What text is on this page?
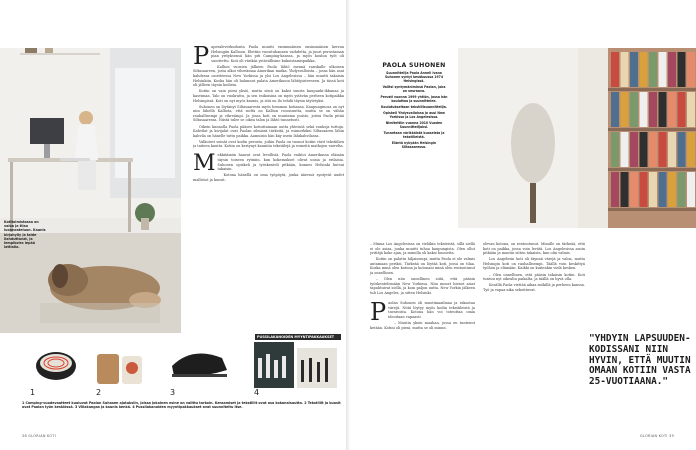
Kotitoimistossa on valoa ja tilaa luonnosteluun. Kaunis kirjahylly ja taide ilahduttavat, ja lempikoira lepää lattialla.
P aperaleverkudonta Paola muutti ensimmäisen ensimmäisen kerran Helsingiin Kallioon. Elettiin vuosituhannen vaihdetta, ja juuri perustaman pian yrityksensä hän piti Camping-kanssa, ja myös koulun työt oli suoritettu. Koti oli värikäs ystävällisine kukoistamispaikka.

Kallion vuosien jälkeen Paola lähtö mennä ranskalle ulkoisen Siltasaareen, josta alkoi vihreämaa Amerikan matka. Yhdysvalloista – jossa hän asui kahdessa osoitteessa New Yorkissa ja ylsi Los Angelesissa – hän muutti takaisin Helsinkiin. Koska hän oli halunnut palata Amerikassa lähtöpisteeseen. Ja tässä koti oli jälleen täysin kodista.

Kotiin on vain pieni yksiö, mutta siinä on kaksi suurta kaupunki-ikkunaa ja kasvimaa. Talo on vuokrattu, ja sen esikoisina on myös ystävän perheen kotipaikka Helsingissä. Koti on nyt myös kaunis, ja sitä on ilo tehdä täysin täytetyksi.

Suhonen on löytänyt Siltasaaresta myös hemmon kotiansa. Kaupunginosa on nyt niin lähellä Kalliota, että sieltä on Kallion rosoisuutta, mutta se on vähän rauhallisempi ja vihreämpi. Ja jossa koti on muutama puisto, joista Paola pitää Siltasaaressa. Niistä tulee se oikea talon ja lähtö tunnetusti.

Oikein kunnolla Paola pääsee kotiuttamaan uutta yhteisöä sekä vanhoja tuttuja. Kahvilat ja kivijalat ovat Paolan silmissä tärkeitä, ja esimerkiksi Siltasaaren lähin kahvila on hänelle tuttu paikka. Aamuisin hän käy usein lähikahvilassa.

Valkoiset seinät ovat kodin perusta, joihin Paola on tuonut kotiin värit tekstiilien ja taiteen kautta. Kotiin on kertynyt kauniita tekstiilejä ja esineitä matkojen varrelta.

M ekkitämön haavat ovat levollisiä. Paola vaihtoi Amerikassa elämän täysin toiseen rytmiin, kun kokemukset olivat uusia ja erilaisia. Suhonen opiskeli ja työskenteli pitkään, kunnes Helsinki kutsui takaisin.

Kotona hänellä on oma työpöytä, jonka ääressä syntyvät uudet mallistot ja kuosit.

1	2	3	4
PUSSILAKANOIDEN MYYNTIPAKKAUKSET
1 Camping-vuodevaatteet kuuluvat Paolan Suhosen ajatuksiin, joissa jokainen esine on valittu tarkoin. Keraamiset ja tekstiilit ovat osa kokonaisuutta. 2 Tekstiilit ja kuosit ovat Paolan työn keskiössä. 3 Villakangas ja kaunis kenkä. 4 Pussilakanoiden myyntipakkaukset ovat suunniteltu itse.
38 GLORIAN KOTI
PAOLA SUHONEN
Suunnittelija Paola Annell Ivana Suhonen syntyi kesäkuussa 1974 Helsingissä.
Valitsi syntymäniminsä Paolan, joka on seuraava.
Perusti vuonna 1999 yhtiön, jossa hän kouluttaa ja suunnittelee.
Koulutukseltaan tekstiilisuunnittelija.
Opiskeli Yhdysvalloissa ja asui New Yorkissa ja Los Angelesissa.
Nimitettiin vuonna 2010 Vuoden Suunnittelijaksi.
Tunnetaan värikkäistä kuoseista ja tekstiileistä.
Eläntä nykyään Helsingin Siltasaaressa.

– Minua Los Angelesissa on vieläkin teksteistä, sillä siellä ei ole asiaa, jonka muutti tuhoa kaupungista. Olen ollut yrittäjä koko ajan, ja minulla oli kaksi huonetta.

Kotiin on palattu hiljaisempi, mutta Paola ei ole valmis antamaan periksi. Tärkeää on löytää koti, jossa on tilaa. Koska minä olen kotona ja kotonani minä olen rentoutunut ja onnellinen.

– Olen niin onnellinen siitä, että pääsin työskentelemään New Yorkissa. Niin monet hienot asiat tapahtuivat siellä, ja koin paljon uutta. New Yorkin jälkeen tuli Los Angeles, ja sitten Helsinki.

P aolan Suhonen oli muotimaailmaa ja rakastaa värejä. Niitä löytyy myös kodin tekstiileistä ja tavaroista. Kotona hän voi toteuttaa omia ideoitaan vapaasti.

– Muutin yksin maahan, jossa en tuntenut ketään. Kotini oli pieni, mutta se oli minun.

olevan kotona, on rentoutunut. Minulle on tärkeää, että koti on paikka, jossa voin levätä. Los Angelesissa asuin pitkään ja muutin sitten takaisin, kun olin valmis.

Los Angelesin koti oli täynnä värejä ja valoa, mutta Helsingin koti on rauhallisempi. Täällä voin keskittyä työhön ja elämään. Kaikki on kuitenkin vielä kesken.

– Olen onnellinen, että pääsin takaisin kotiin. Koti tuntuu nyt oikealta paikalta, ja täällä on hyvä olla.

Kesällä Paola viettää aikaa mökillä ja perheen kanssa. Työ ja vapaa-aika sekoittuvat.

"YHDYIN LAPSUUDEN-KODISSANI NIIN HYVIN, ETTÄ MUUTIN OMAAN KOTIIN VASTA 25-VUOTIAANA."
GLORIAN KOTI 39
